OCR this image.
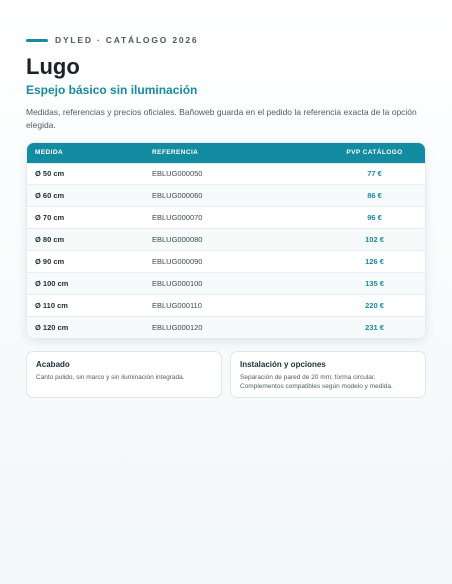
DYLED · CATÁLOGO 2026
Lugo
Espejo básico sin iluminación

Medidas, referencias y precios oficiales. Bañoweb guarda en el pedido la referencia exacta de la opción elegida.

MEDIDA	REFERENCIA	PVP CATÁLOGO
Ø 50 cm	EBLUG000050	77 €
Ø 60 cm	EBLUG000060	86 €
Ø 70 cm	EBLUG000070	96 €
Ø 80 cm	EBLUG000080	102 €
Ø 90 cm	EBLUG000090	126 €
Ø 100 cm	EBLUG000100	135 €
Ø 110 cm	EBLUG000110	220 €
Ø 120 cm	EBLUG000120	231 €
Acabado
Canto pulido, sin marco y sin iluminación integrada.
Instalación y opciones
Separación de pared de 20 mm; forma circular. Complementos compatibles según modelo y medida.
